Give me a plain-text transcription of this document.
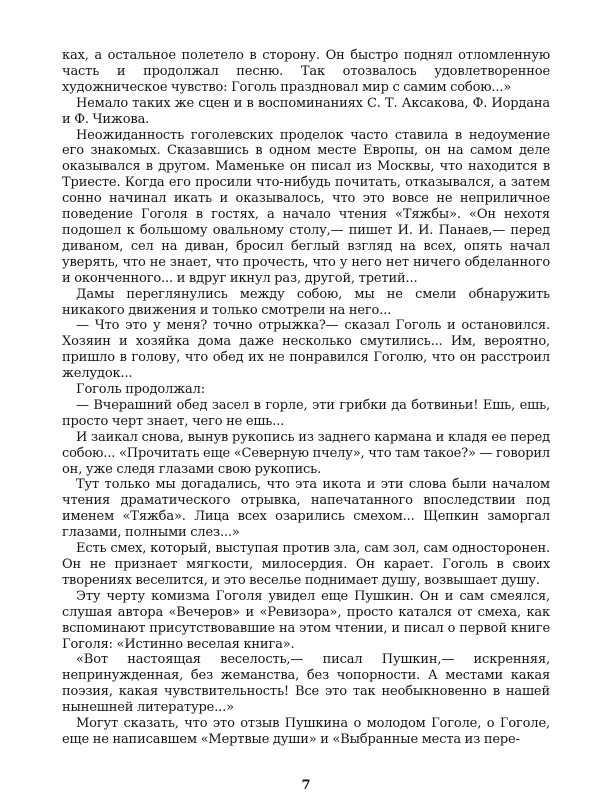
ках, а остальное полетело в сторону. Он быстро поднял отломленную часть и продолжал песню. Так отозвалось удовлетворенное художническое чувство: Гоголь праздновал мир с самим собою...»

Немало таких же сцен и в воспоминаниях С. Т. Аксакова, Ф. Иордана и Ф. Чижова.

Неожиданность гоголевских проделок часто ставила в недоумение его знакомых. Сказавшись в одном месте Европы, он на самом деле оказывался в другом. Маменьке он писал из Москвы, что находится в Триесте. Когда его просили что-нибудь почитать, отказывался, а затем сонно начинал икать и оказывалось, что это вовсе не неприличное поведение Гоголя в гостях, а начало чтения «Тяжбы». «Он нехотя подошел к большому овальному столу,— пишет И. И. Панаев,— перед диваном, сел на диван, бросил беглый взгляд на всех, опять начал уверять, что не знает, что прочесть, что у него нет ничего обделанного и оконченного... и вдруг икнул раз, другой, третий...

Дамы переглянулись между собою, мы не смели обнаружить никакого движения и только смотрели на него...

— Что это у меня? точно отрыжка?— сказал Гоголь и остановился. Хозяин и хозяйка дома даже несколько смутились... Им, вероятно, пришло в голову, что обед их не понравился Гоголю, что он расстроил желудок...

Гоголь продолжал:

— Вчерашний обед засел в горле, эти грибки да ботвиньи! Ешь, ешь, просто черт знает, чего не ешь...

И заикал снова, вынув рукопись из заднего кармана и кладя ее перед собою... «Прочитать еще «Северную пчелу», что там такое?» — говорил он, уже следя глазами свою рукопись.

Тут только мы догадались, что эта икота и эти слова были началом чтения драматического отрывка, напечатанного впоследствии под именем «Тяжба». Лица всех озарились смехом... Щепкин заморгал глазами, полными слез...»

Есть смех, который, выступая против зла, сам зол, сам односторонен. Он не признает мягкости, милосердия. Он карает. Гоголь в своих творениях веселится, и это веселье поднимает душу, возвышает душу.

Эту черту комизма Гоголя увидел еще Пушкин. Он и сам смеялся, слушая автора «Вечеров» и «Ревизора», просто катался от смеха, как вспоминают присутствовавшие на этом чтении, и писал о первой книге Гоголя: «Истинно веселая книга».

«Вот настоящая веселость,— писал Пушкин,— искренняя, непринужденная, без жеманства, без чопорности. А местами какая поэзия, какая чувствительность! Все это так необыкновенно в нашей нынешней литературе...»

Могут сказать, что это отзыв Пушкина о молодом Гоголе, о Гоголе, еще не написавшем «Мертвые души» и «Выбранные места из пере-

7
